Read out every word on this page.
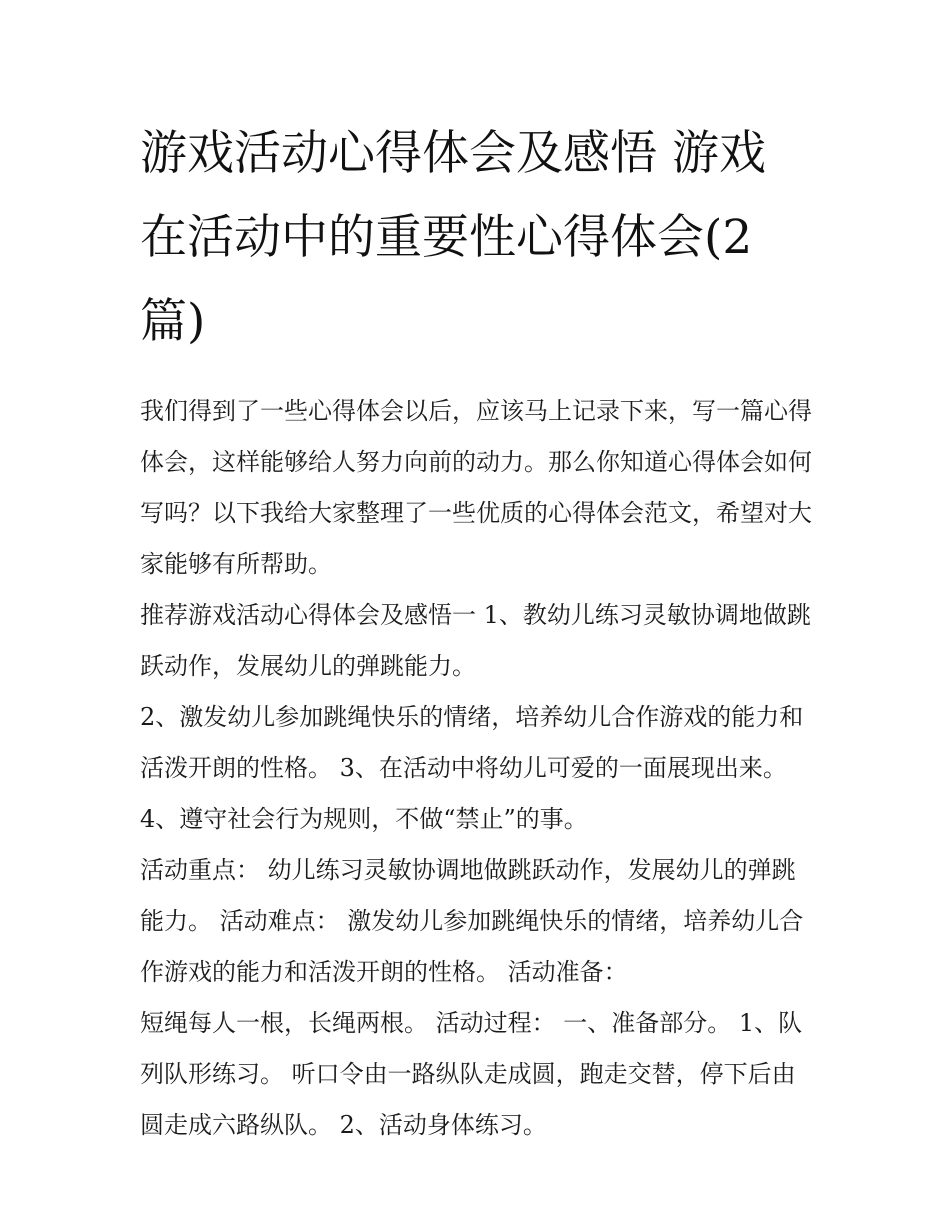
游戏活动心得体会及感悟 游戏在活动中的重要性心得体会(2篇)

我们得到了一些心得体会以后，应该马上记录下来，写一篇心得体会，这样能够给人努力向前的动力。那么你知道心得体会如何写吗？以下我给大家整理了一些优质的心得体会范文，希望对大家能够有所帮助。

推荐游戏活动心得体会及感悟一 1、教幼儿练习灵敏协调地做跳跃动作，发展幼儿的弹跳能力。

2、激发幼儿参加跳绳快乐的情绪，培养幼儿合作游戏的能力和活泼开朗的性格。 3、在活动中将幼儿可爱的一面展现出来。 4、遵守社会行为规则，不做“禁止”的事。

活动重点： 幼儿练习灵敏协调地做跳跃动作，发展幼儿的弹跳能力。 活动难点： 激发幼儿参加跳绳快乐的情绪，培养幼儿合作游戏的能力和活泼开朗的性格。 活动准备：

短绳每人一根，长绳两根。 活动过程： 一、准备部分。 1、队列队形练习。 听口令由一路纵队走成圆，跑走交替，停下后由圆走成六路纵队。 2、活动身体练习。
